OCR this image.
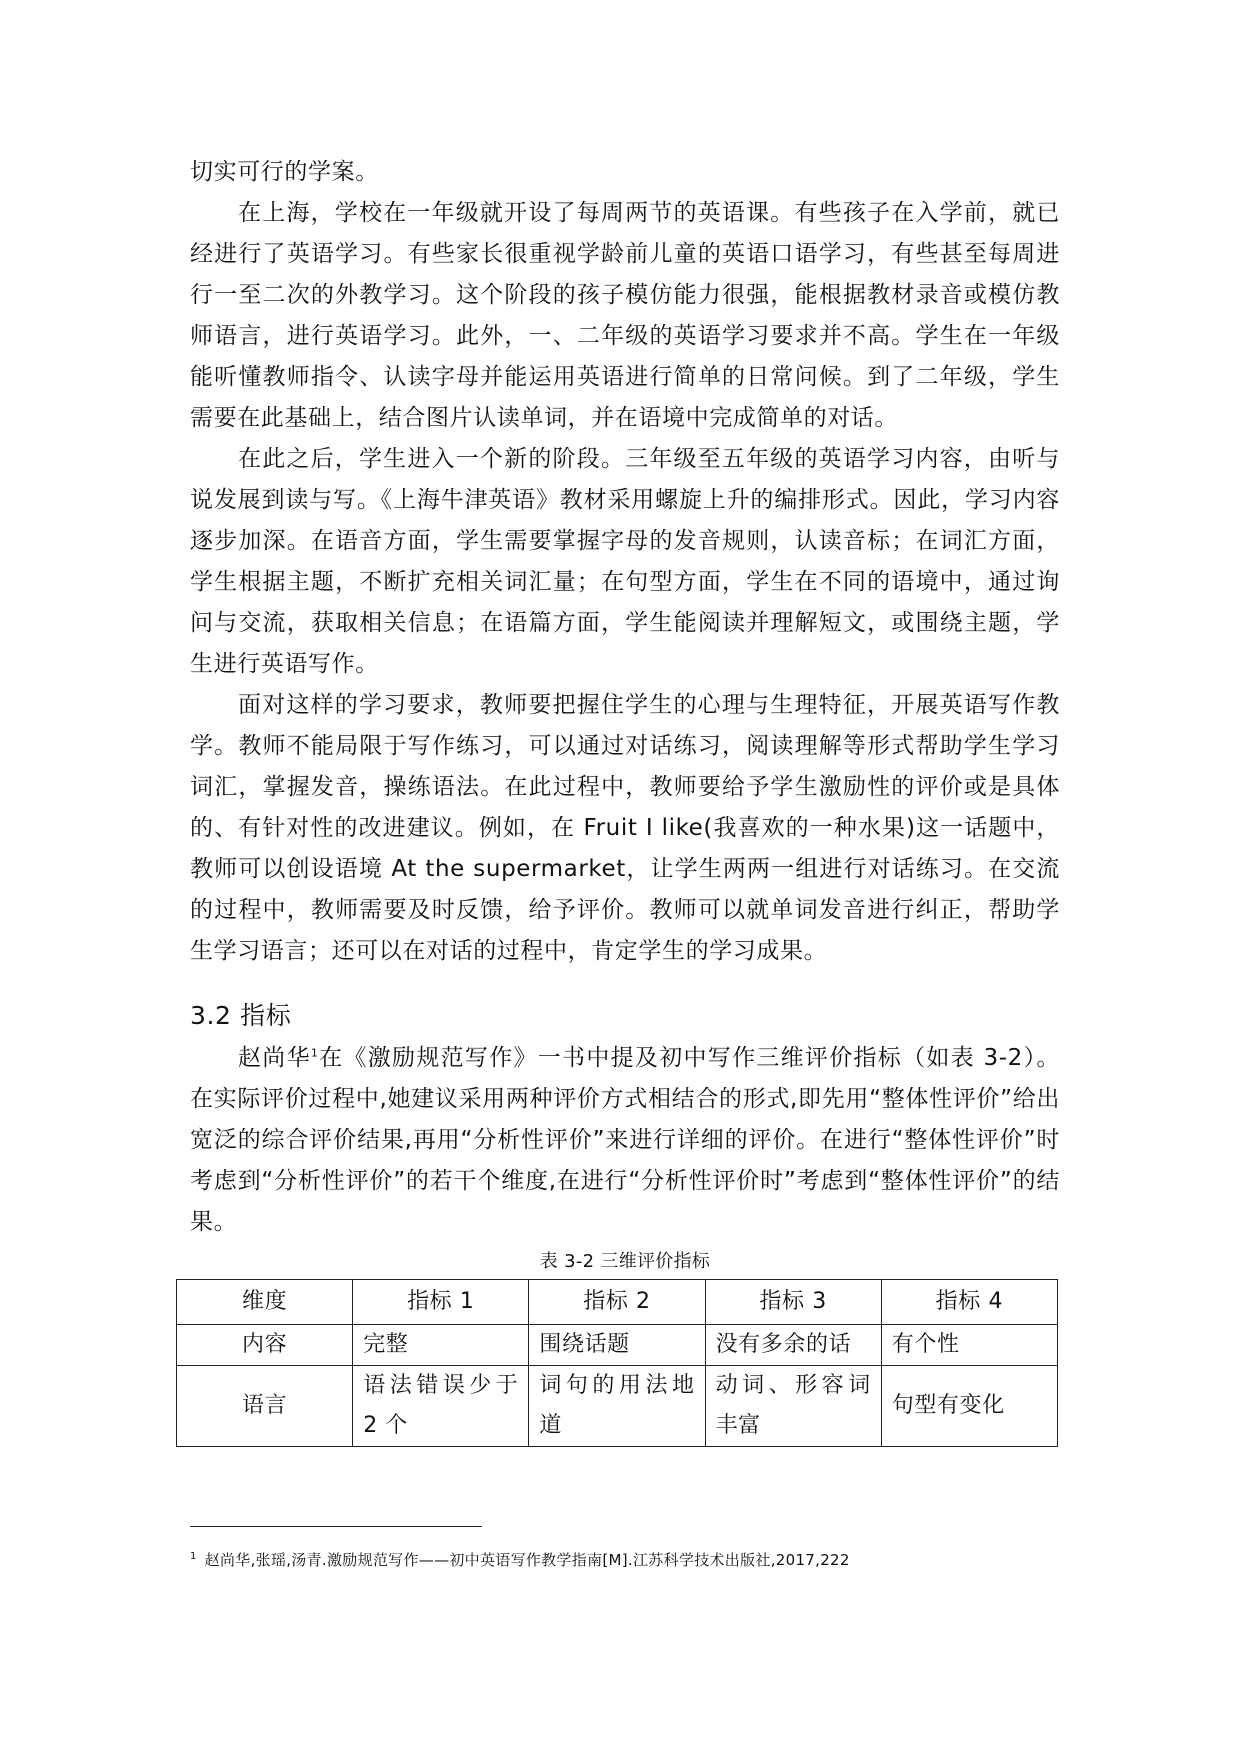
切实可行的学案。

在上海，学校在一年级就开设了每周两节的英语课。有些孩子在入学前，就已经进行了英语学习。有些家长很重视学龄前儿童的英语口语学习，有些甚至每周进行一至二次的外教学习。这个阶段的孩子模仿能力很强，能根据教材录音或模仿教师语言，进行英语学习。此外，一、二年级的英语学习要求并不高。学生在一年级能听懂教师指令、认读字母并能运用英语进行简单的日常问候。到了二年级，学生需要在此基础上，结合图片认读单词，并在语境中完成简单的对话。

在此之后，学生进入一个新的阶段。三年级至五年级的英语学习内容，由听与说发展到读与写。《上海牛津英语》教材采用螺旋上升的编排形式。因此，学习内容逐步加深。在语音方面，学生需要掌握字母的发音规则，认读音标；在词汇方面，学生根据主题，不断扩充相关词汇量；在句型方面，学生在不同的语境中，通过询问与交流，获取相关信息；在语篇方面，学生能阅读并理解短文，或围绕主题，学生进行英语写作。

面对这样的学习要求，教师要把握住学生的心理与生理特征，开展英语写作教学。教师不能局限于写作练习，可以通过对话练习，阅读理解等形式帮助学生学习词汇，掌握发音，操练语法。在此过程中，教师要给予学生激励性的评价或是具体的、有针对性的改进建议。例如，在 Fruit I like(我喜欢的一种水果)这一话题中，教师可以创设语境 At the supermarket，让学生两两一组进行对话练习。在交流的过程中，教师需要及时反馈，给予评价。教师可以就单词发音进行纠正，帮助学生学习语言；还可以在对话的过程中，肯定学生的学习成果。

3.2 指标

赵尚华$^1$在《激励规范写作》一书中提及初中写作三维评价指标（如表 3-2）。在实际评价过程中,她建议采用两种评价方式相结合的形式,即先用“整体性评价”给出宽泛的综合评价结果,再用“分析性评价”来进行详细的评价。在进行“整体性评价”时考虑到“分析性评价”的若干个维度,在进行“分析性评价时”考虑到“整体性评价”的结果。

表 3-2 三维评价指标
维度	指标 1	指标 2	指标 3	指标 4
内容	完整	围绕话题	没有多余的话	有个性
语言	语法错误少于 2 个	词句的用法地道	动词、形容词丰富	句型有变化
$^1$ 赵尚华,张瑶,汤青.激励规范写作——初中英语写作教学指南[M].江苏科学技术出版社,2017,222
